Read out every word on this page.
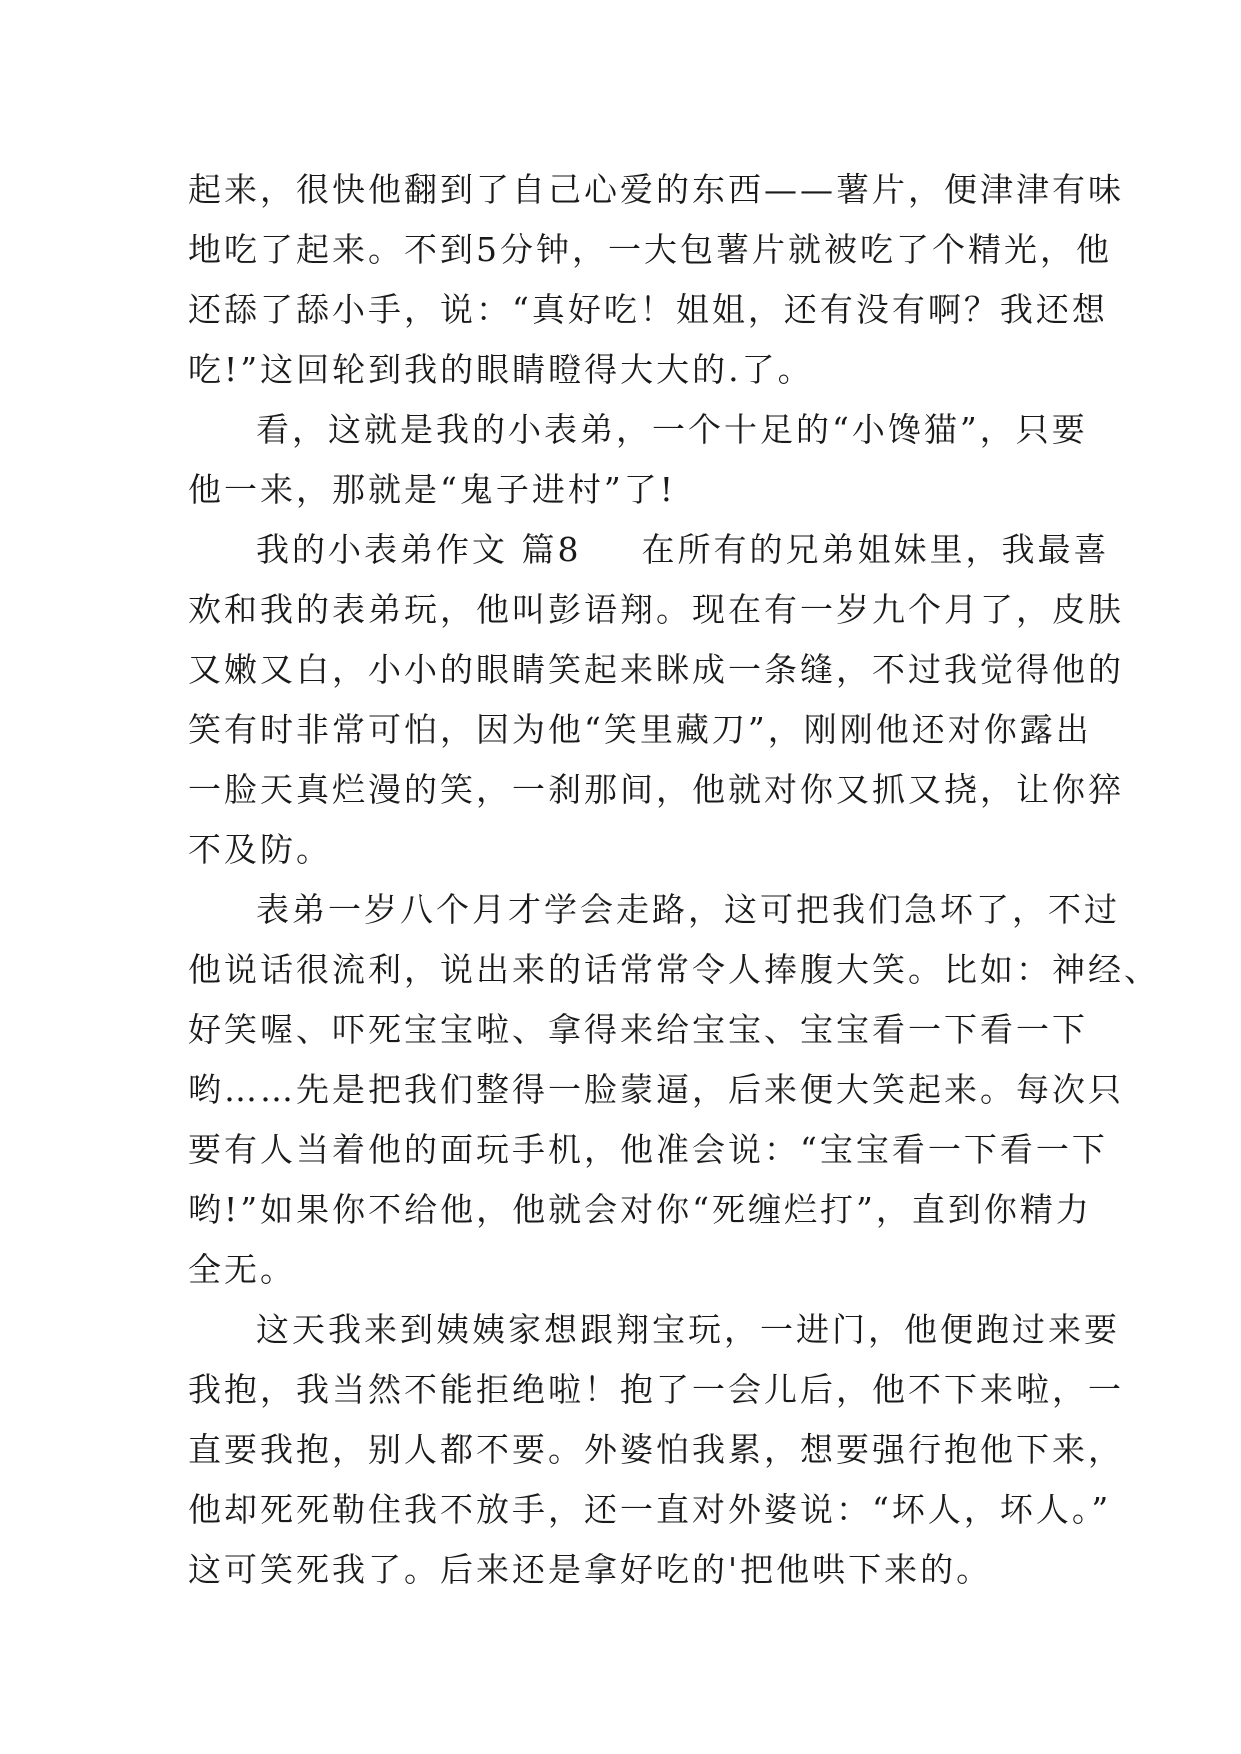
起来，很快他翻到了自己心爱的东西——薯片，便津津有味
地吃了起来。不到5分钟，一大包薯片就被吃了个精光，他
还舔了舔小手，说：“真好吃！姐姐，还有没有啊？我还想
吃!”这回轮到我的眼睛瞪得大大的.了。
看，这就是我的小表弟，一个十足的“小馋猫”，只要
他一来，那就是“鬼子进村”了!
我的小表弟作文 篇8 在所有的兄弟姐妹里，我最喜
欢和我的表弟玩，他叫彭语翔。现在有一岁九个月了，皮肤
又嫩又白，小小的眼睛笑起来眯成一条缝，不过我觉得他的
笑有时非常可怕，因为他“笑里藏刀”，刚刚他还对你露出
一脸天真烂漫的笑，一刹那间，他就对你又抓又挠，让你猝
不及防。
表弟一岁八个月才学会走路，这可把我们急坏了，不过
他说话很流利，说出来的话常常令人捧腹大笑。比如：神经、
好笑喔、吓死宝宝啦、拿得来给宝宝、宝宝看一下看一下
哟……先是把我们整得一脸蒙逼，后来便大笑起来。每次只
要有人当着他的面玩手机，他准会说：“宝宝看一下看一下
哟!”如果你不给他，他就会对你“死缠烂打”，直到你精力
全无。
这天我来到姨姨家想跟翔宝玩，一进门，他便跑过来要
我抱，我当然不能拒绝啦！抱了一会儿后，他不下来啦，一
直要我抱，别人都不要。外婆怕我累，想要强行抱他下来，
他却死死勒住我不放手，还一直对外婆说：“坏人，坏人。”
这可笑死我了。后来还是拿好吃的'把他哄下来的。
